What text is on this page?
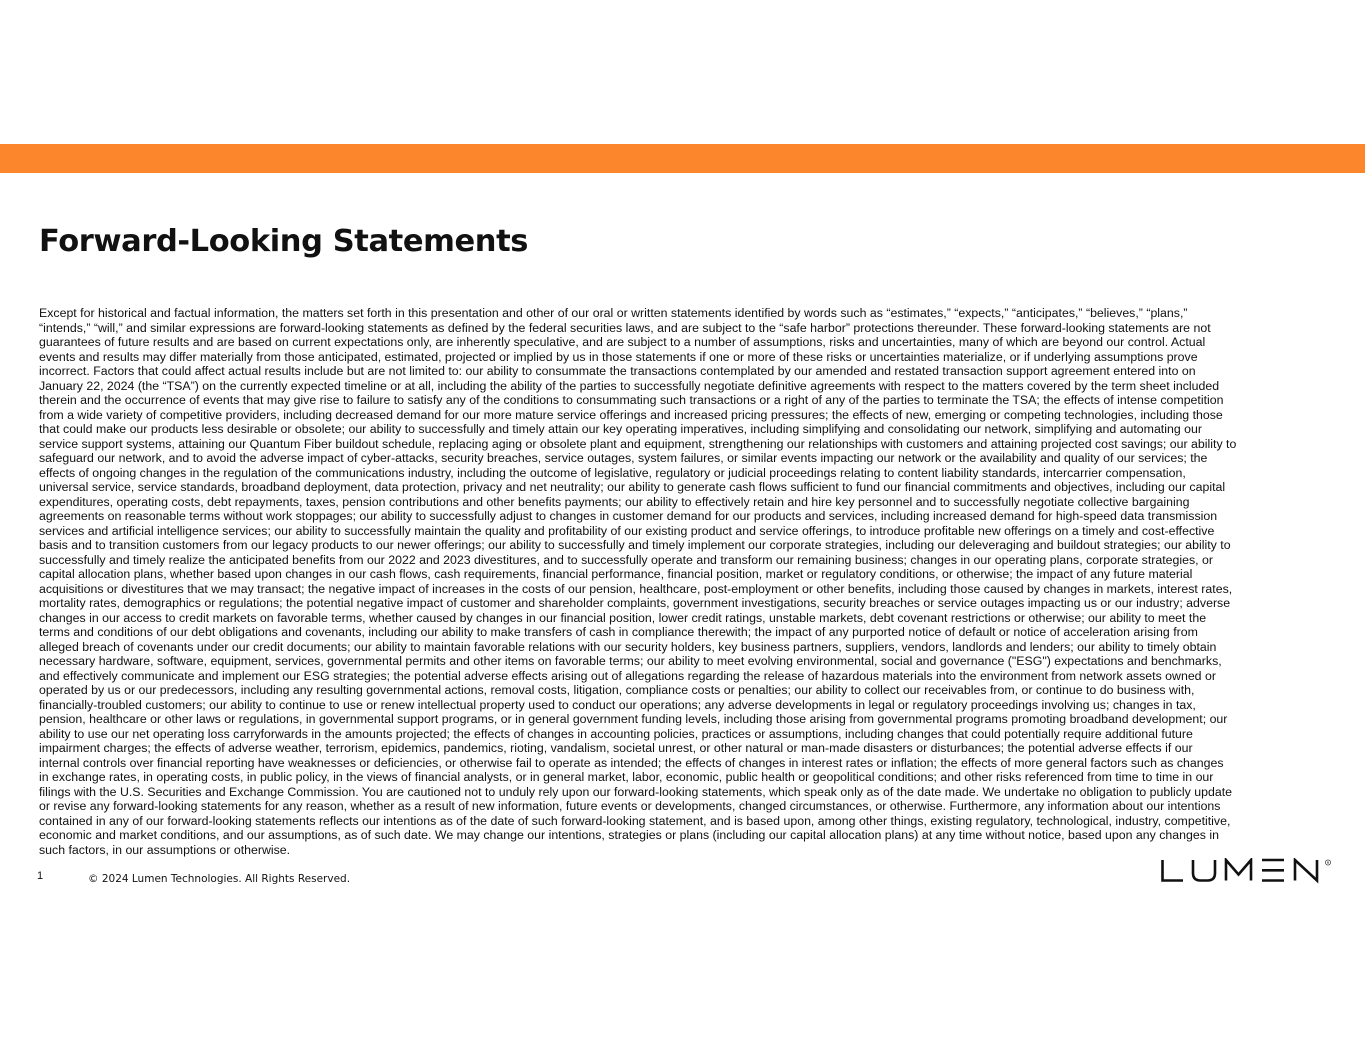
Forward-Looking Statements

Except for historical and factual information, the matters set forth in this presentation and other of our oral or written statements identified by words such as “estimates,” “expects,” “anticipates,” “believes,” “plans,”
“intends,” “will,” and similar expressions are forward-looking statements as defined by the federal securities laws, and are subject to the “safe harbor” protections thereunder. These forward-looking statements are not
guarantees of future results and are based on current expectations only, are inherently speculative, and are subject to a number of assumptions, risks and uncertainties, many of which are beyond our control. Actual
events and results may differ materially from those anticipated, estimated, projected or implied by us in those statements if one or more of these risks or uncertainties materialize, or if underlying assumptions prove
incorrect. Factors that could affect actual results include but are not limited to: our ability to consummate the transactions contemplated by our amended and restated transaction support agreement entered into on
January 22, 2024 (the “TSA”) on the currently expected timeline or at all, including the ability of the parties to successfully negotiate definitive agreements with respect to the matters covered by the term sheet included
therein and the occurrence of events that may give rise to failure to satisfy any of the conditions to consummating such transactions or a right of any of the parties to terminate the TSA; the effects of intense competition
from a wide variety of competitive providers, including decreased demand for our more mature service offerings and increased pricing pressures; the effects of new, emerging or competing technologies, including those
that could make our products less desirable or obsolete; our ability to successfully and timely attain our key operating imperatives, including simplifying and consolidating our network, simplifying and automating our
service support systems, attaining our Quantum Fiber buildout schedule, replacing aging or obsolete plant and equipment, strengthening our relationships with customers and attaining projected cost savings; our ability to
safeguard our network, and to avoid the adverse impact of cyber-attacks, security breaches, service outages, system failures, or similar events impacting our network or the availability and quality of our services; the
effects of ongoing changes in the regulation of the communications industry, including the outcome of legislative, regulatory or judicial proceedings relating to content liability standards, intercarrier compensation,
universal service, service standards, broadband deployment, data protection, privacy and net neutrality; our ability to generate cash flows sufficient to fund our financial commitments and objectives, including our capital
expenditures, operating costs, debt repayments, taxes, pension contributions and other benefits payments; our ability to effectively retain and hire key personnel and to successfully negotiate collective bargaining
agreements on reasonable terms without work stoppages; our ability to successfully adjust to changes in customer demand for our products and services, including increased demand for high-speed data transmission
services and artificial intelligence services; our ability to successfully maintain the quality and profitability of our existing product and service offerings, to introduce profitable new offerings on a timely and cost-effective
basis and to transition customers from our legacy products to our newer offerings; our ability to successfully and timely implement our corporate strategies, including our deleveraging and buildout strategies; our ability to
successfully and timely realize the anticipated benefits from our 2022 and 2023 divestitures, and to successfully operate and transform our remaining business; changes in our operating plans, corporate strategies, or
capital allocation plans, whether based upon changes in our cash flows, cash requirements, financial performance, financial position, market or regulatory conditions, or otherwise; the impact of any future material
acquisitions or divestitures that we may transact; the negative impact of increases in the costs of our pension, healthcare, post-employment or other benefits, including those caused by changes in markets, interest rates,
mortality rates, demographics or regulations; the potential negative impact of customer and shareholder complaints, government investigations, security breaches or service outages impacting us or our industry; adverse
changes in our access to credit markets on favorable terms, whether caused by changes in our financial position, lower credit ratings, unstable markets, debt covenant restrictions or otherwise; our ability to meet the
terms and conditions of our debt obligations and covenants, including our ability to make transfers of cash in compliance therewith; the impact of any purported notice of default or notice of acceleration arising from
alleged breach of covenants under our credit documents; our ability to maintain favorable relations with our security holders, key business partners, suppliers, vendors, landlords and lenders; our ability to timely obtain
necessary hardware, software, equipment, services, governmental permits and other items on favorable terms; our ability to meet evolving environmental, social and governance ("ESG") expectations and benchmarks,
and effectively communicate and implement our ESG strategies; the potential adverse effects arising out of allegations regarding the release of hazardous materials into the environment from network assets owned or
operated by us or our predecessors, including any resulting governmental actions, removal costs, litigation, compliance costs or penalties; our ability to collect our receivables from, or continue to do business with,
financially-troubled customers; our ability to continue to use or renew intellectual property used to conduct our operations; any adverse developments in legal or regulatory proceedings involving us; changes in tax,
pension, healthcare or other laws or regulations, in governmental support programs, or in general government funding levels, including those arising from governmental programs promoting broadband development; our
ability to use our net operating loss carryforwards in the amounts projected; the effects of changes in accounting policies, practices or assumptions, including changes that could potentially require additional future
impairment charges; the effects of adverse weather, terrorism, epidemics, pandemics, rioting, vandalism, societal unrest, or other natural or man-made disasters or disturbances; the potential adverse effects if our
internal controls over financial reporting have weaknesses or deficiencies, or otherwise fail to operate as intended; the effects of changes in interest rates or inflation; the effects of more general factors such as changes
in exchange rates, in operating costs, in public policy, in the views of financial analysts, or in general market, labor, economic, public health or geopolitical conditions; and other risks referenced from time to time in our
filings with the U.S. Securities and Exchange Commission. You are cautioned not to unduly rely upon our forward-looking statements, which speak only as of the date made. We undertake no obligation to publicly update
or revise any forward-looking statements for any reason, whether as a result of new information, future events or developments, changed circumstances, or otherwise. Furthermore, any information about our intentions
contained in any of our forward-looking statements reflects our intentions as of the date of such forward-looking statement, and is based upon, among other things, existing regulatory, technological, industry, competitive,
economic and market conditions, and our assumptions, as of such date. We may change our intentions, strategies or plans (including our capital allocation plans) at any time without notice, based upon any changes in
such factors, in our assumptions or otherwise.

1	© 2024 Lumen Technologies. All Rights Reserved.
R
